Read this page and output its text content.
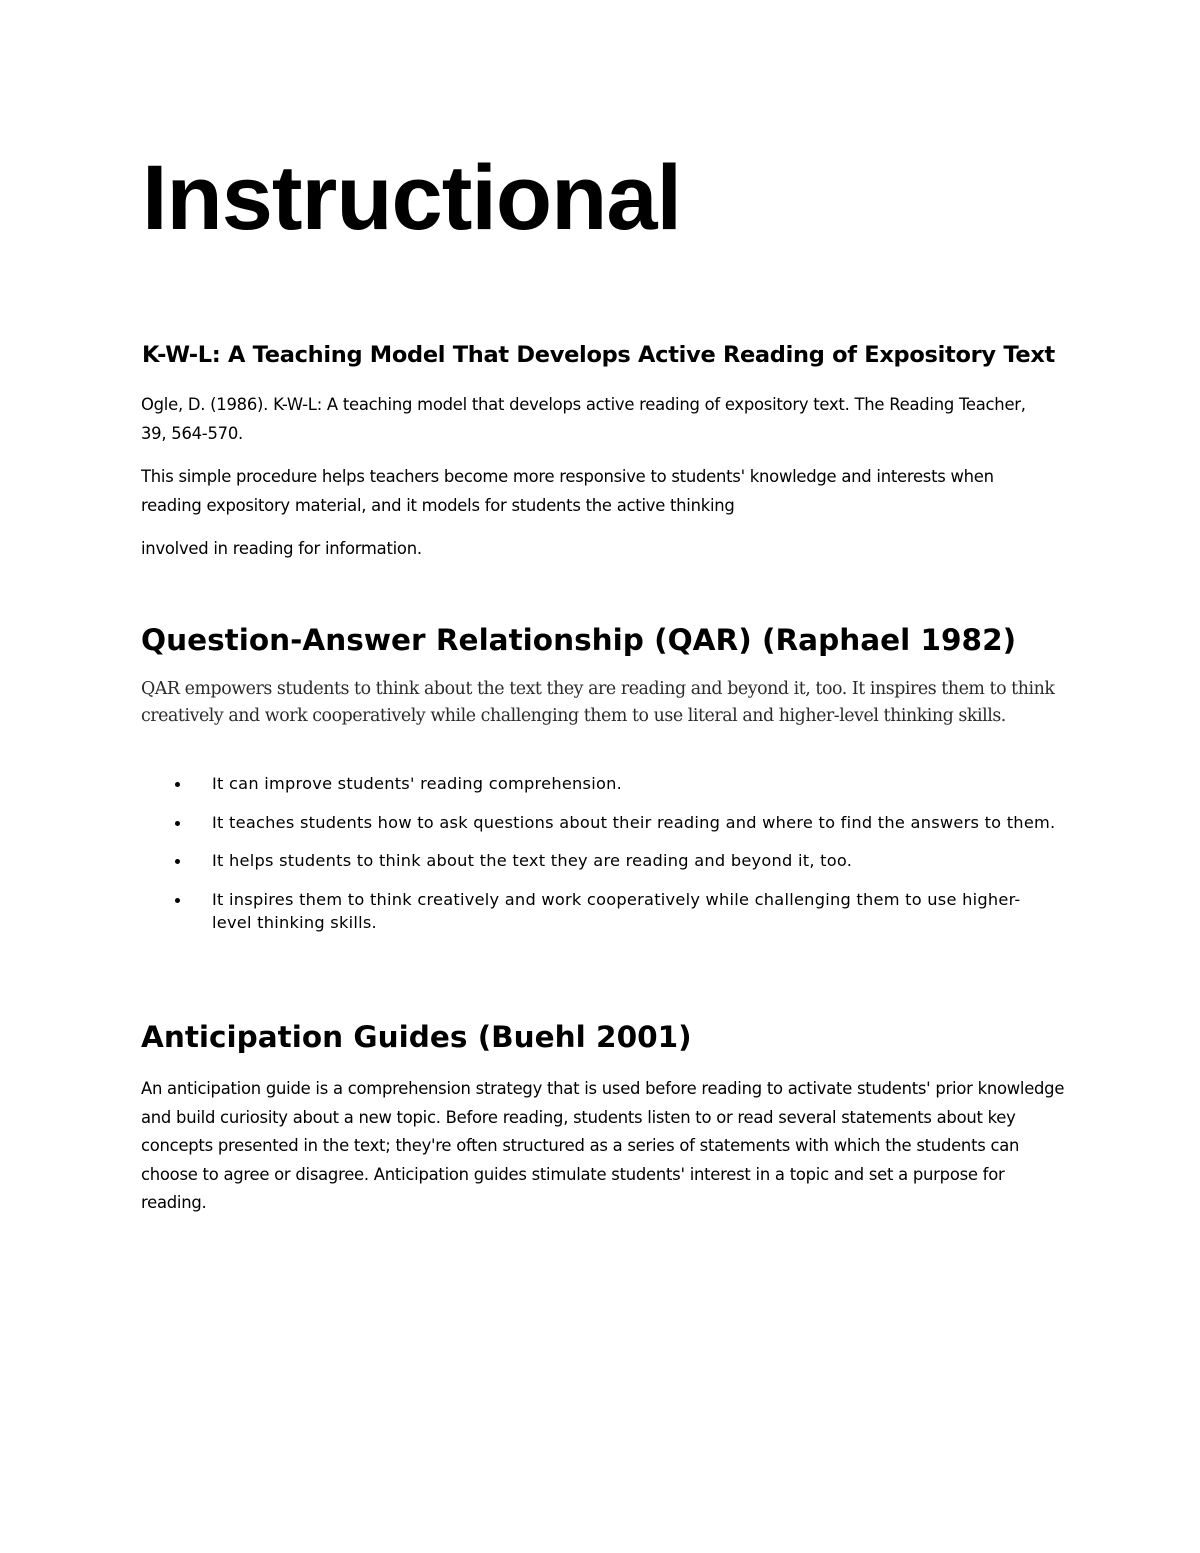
Instructional
K-W-L: A Teaching Model That Develops Active Reading of Expository Text

Ogle, D. (1986). K-W-L: A teaching model that develops active reading of expository text. The Reading Teacher, 39, 564-570.

This simple procedure helps teachers become more responsive to students' knowledge and interests when reading expository material, and it models for students the active thinking

involved in reading for information.

Question-Answer Relationship (QAR) (Raphael 1982)

QAR empowers students to think about the text they are reading and beyond it, too. It inspires them to think creatively and work cooperatively while challenging them to use literal and higher-level thinking skills.

It can improve students' reading comprehension.
It teaches students how to ask questions about their reading and where to find the answers to them.
It helps students to think about the text they are reading and beyond it, too.
It inspires them to think creatively and work cooperatively while challenging them to use higher-level thinking skills.
Anticipation Guides (Buehl 2001)

An anticipation guide is a comprehension strategy that is used before reading to activate students' prior knowledge and build curiosity about a new topic. Before reading, students listen to or read several statements about key concepts presented in the text; they're often structured as a series of statements with which the students can choose to agree or disagree. Anticipation guides stimulate students' interest in a topic and set a purpose for reading.
